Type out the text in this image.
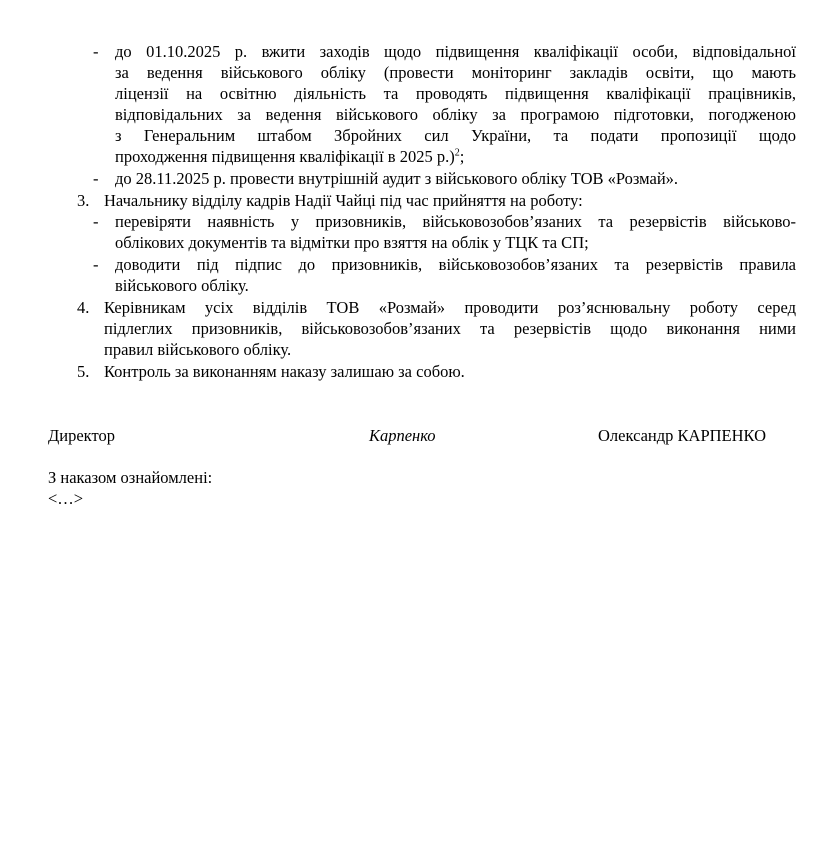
- до 01.10.2025 р. вжити заходів щодо підвищення кваліфікації особи, відповідальної
за ведення військового обліку (провести моніторинг закладів освіти, що мають
ліцензії на освітню діяльність та проводять підвищення кваліфікації працівників,
відповідальних за ведення військового обліку за програмою підготовки, погодженою
з Генеральним штабом Збройних сил України, та подати пропозиції щодо
проходження підвищення кваліфікації в 2025 р.)$^2$;
- до 28.11.2025 р. провести внутрішній аудит з військового обліку ТОВ «Розмай».
3. Начальнику відділу кадрів Надії Чайці під час прийняття на роботу:
- перевіряти наявність у призовників, військовозобов’язаних та резервістів військово-
облікових документів та відмітки про взяття на облік у ТЦК та СП;
- доводити під підпис до призовників, військовозобов’язаних та резервістів правила
військового обліку.
4. Керівникам усіх відділів ТОВ «Розмай» проводити роз’яснювальну роботу серед
підлеглих призовників, військовозобов’язаних та резервістів щодо виконання ними
правил військового обліку.
5. Контроль за виконанням наказу залишаю за собою.
Директор	Карпенко	Олександр КАРПЕНКО
З наказом ознайомлені:
<…>
